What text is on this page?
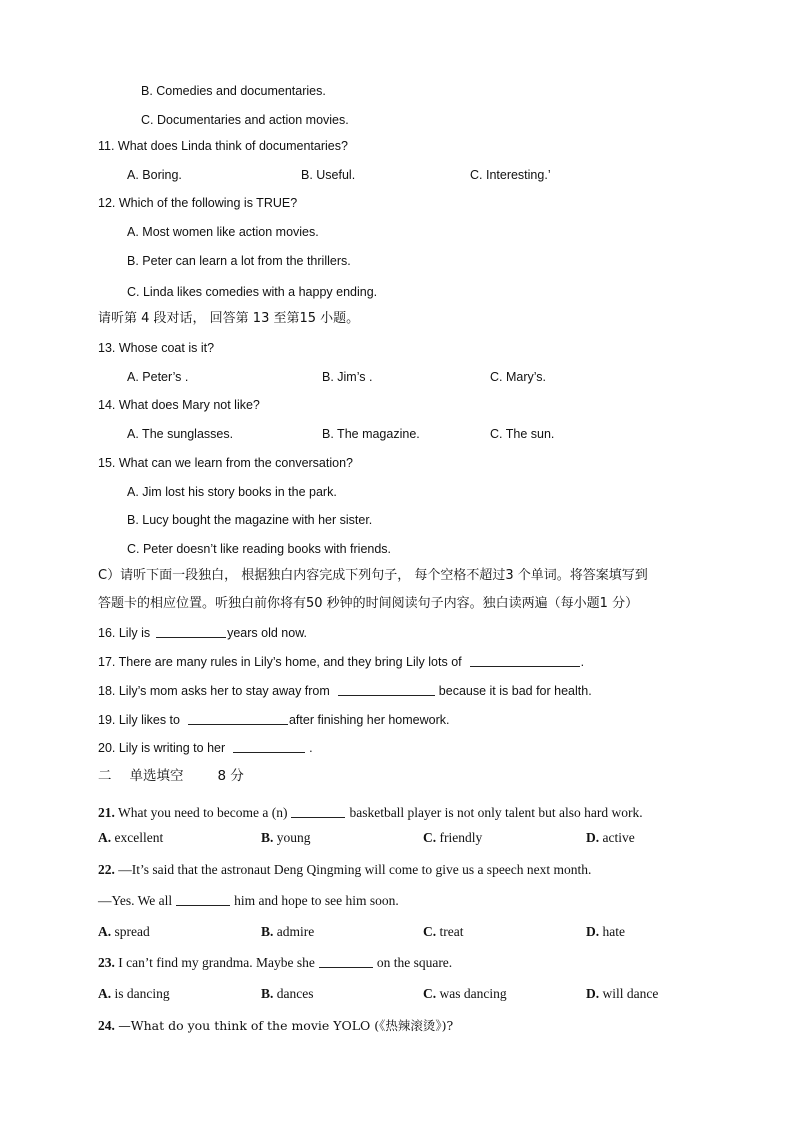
B. Comedies and documentaries.
C. Documentaries and action movies.
11. What does Linda think of documentaries?
A. Boring.	B. Useful.	C. Interesting.’
12. Which of the following is TRUE?
A. Most women like action movies.
B. Peter can learn a lot from the thrillers.
C. Linda likes comedies with a happy ending.
请听第 4 段对话， 回答第 13 至第15 小题。
13. Whose coat is it?
A. Peter’s .	B. Jim’s .	C. Mary’s.
14. What does Mary not like?
A. The sunglasses.	B. The magazine.	C. The sun.
15. What can we learn from the conversation?
A. Jim lost his story books in the park.
B. Lucy bought the magazine with her sister.
C. Peter doesn’t like reading books with friends.
C）请听下面一段独白， 根据独白内容完成下列句子， 每个空格不超过3 个单词。将答案填写到
答题卡的相应位置。听独白前你将有50 秒钟的时间阅读句子内容。独白读两遍（每小题1 分）
16. Lily is	years old now.
17. There are many rules in Lily’s home, and they bring Lily lots of	.
18. Lily’s mom asks her to stay away from	because it is bad for health.
19. Lily likes to	after finishing her homework.
20. Lily is writing to her	.
二 单选填空	8 分
21. What you need to become a (n)	basketball player is not only talent but also hard work.
A. excellent	B. young	C. friendly	D. active
22. —It’s said that the astronaut Deng Qingming will come to give us a speech next month.
—Yes. We all	him and hope to see him soon.
A. spread	B. admire	C. treat	D. hate
23. I can’t find my grandma. Maybe she	on the square.
A. is dancing	B. dances	C. was dancing	D. will dance
24. —What do you think of the movie YOLO (《热辣滚烫》)?
